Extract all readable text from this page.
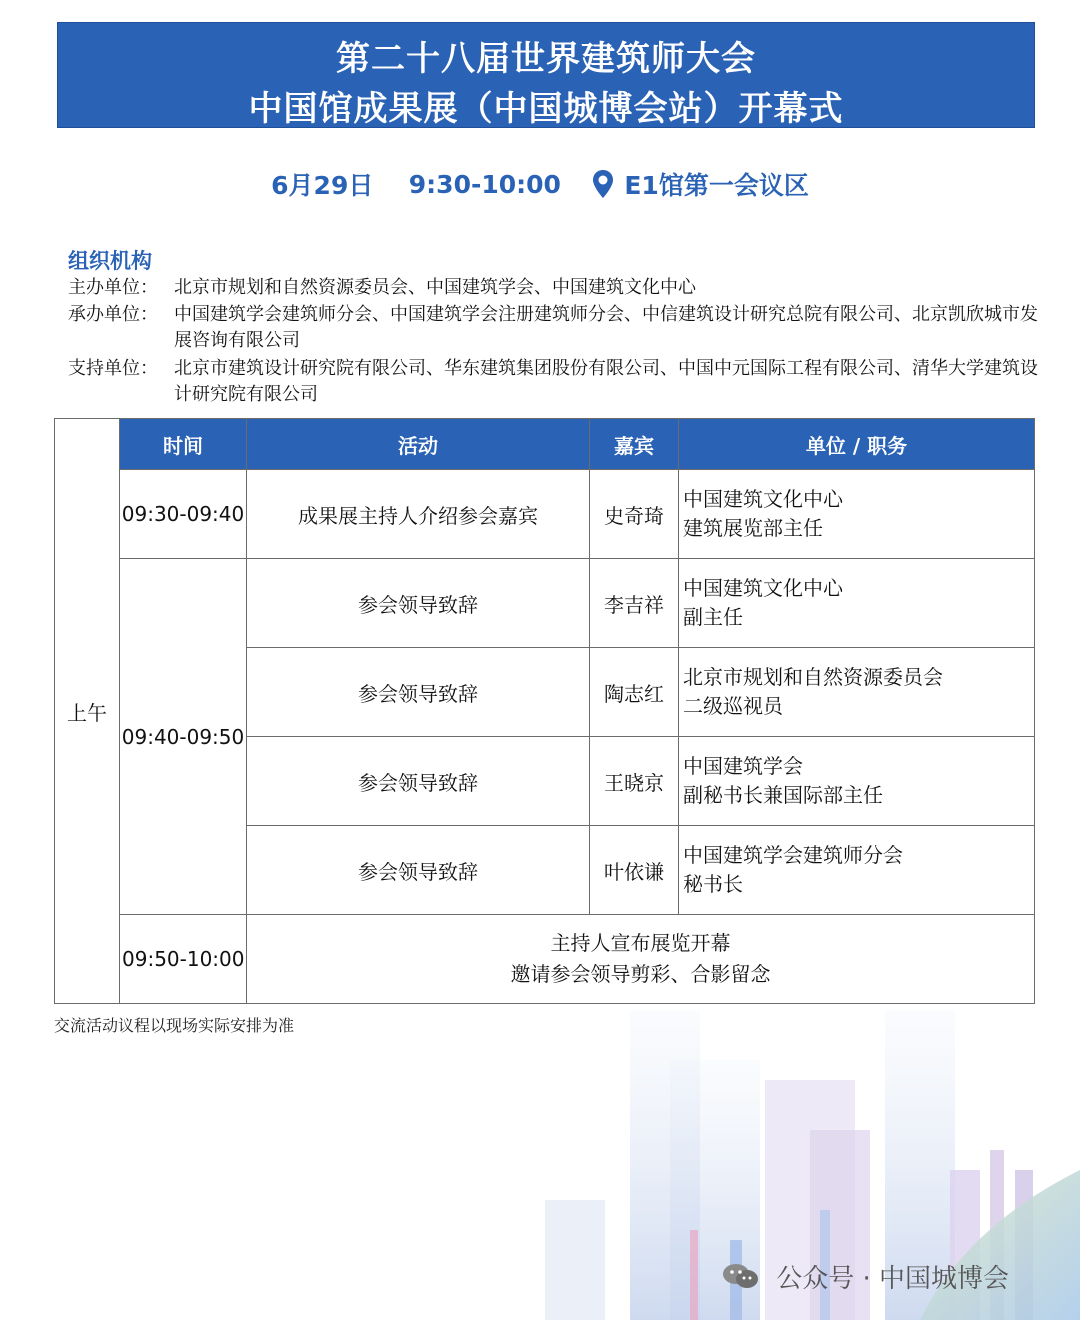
第二十八届世界建筑师大会
中国馆成果展（中国城博会站）开幕式
6月29日 9:30-10:00	E1馆第一会议区
组织机构
主办单位： 北京市规划和自然资源委员会、中国建筑学会、中国建筑文化中心
承办单位： 中国建筑学会建筑师分会、中国建筑学会注册建筑师分会、中信建筑设计研究总院有限公司、北京凯欣城市发展咨询有限公司
支持单位： 北京市建筑设计研究院有限公司、华东建筑集团股份有限公司、中国中元国际工程有限公司、清华大学建筑设计研究院有限公司
上午	时间	活动	嘉宾	单位 / 职务
	09:30-09:40	成果展主持人介绍参会嘉宾	史奇琦	中国建筑文化中心
建筑展览部主任

	09:40-09:50	参会领导致辞	李吉祥	中国建筑文化中心
副主任

		参会领导致辞	陶志红	北京市规划和自然资源委员会
二级巡视员

		参会领导致辞	王晓京	中国建筑学会
副秘书长兼国际部主任

		参会领导致辞	叶依谦	中国建筑学会建筑师分会
秘书长

	09:50-10:00	主持人宣布展览开幕
邀请参会领导剪彩、合影留念		
交流活动议程以现场实际安排为准
公众号 · 中国城博会
